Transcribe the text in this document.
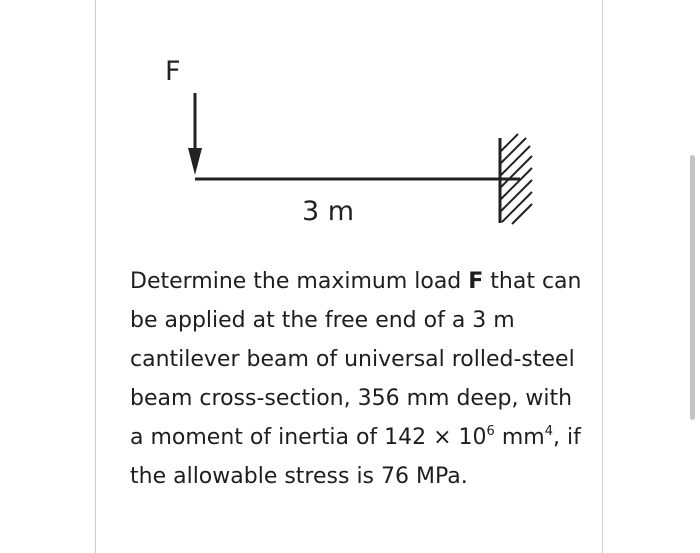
F
3 m

Determine the maximum load F that can be applied at the free end of a 3 m cantilever beam of universal rolled-steel beam cross-section, 356 mm deep, with a moment of inertia of $142 \times 10^6$ $mm^4$, if the allowable stress is 76 MPa.
